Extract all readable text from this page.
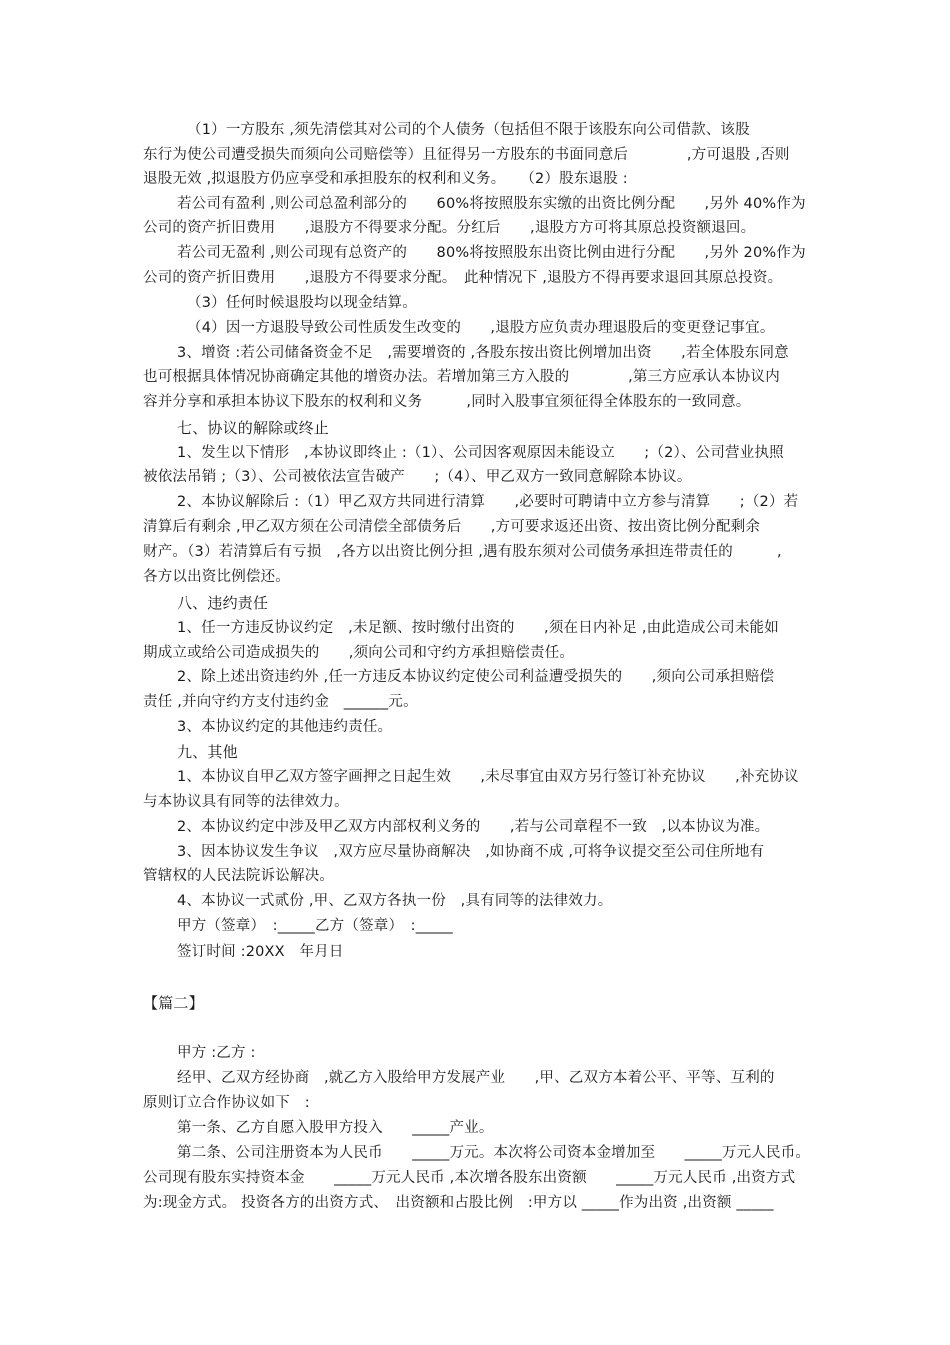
（1）一方股东 ,须先清偿其对公司的个人债务（包括但不限于该股东向公司借款、该股
东行为使公司遭受损失而须向公司赔偿等）且征得另一方股东的书面同意后　　　　,方可退股 ,否则
退股无效 ,拟退股方仍应享受和承担股东的权利和义务。　　（2）股东退股 :
若公司有盈利 ,则公司总盈利部分的　　60%将按照股东实缴的出资比例分配　　,另外 40%作为
公司的资产折旧费用　　,退股方不得要求分配。分红后　　,退股方方可将其原总投资额退回。
若公司无盈利 ,则公司现有总资产的　　80%将按照股东出资比例由进行分配　　,另外 20%作为
公司的资产折旧费用　　,退股方不得要求分配。　此种情况下 ,退股方不得再要求退回其原总投资。
（3）任何时候退股均以现金结算。
（4）因一方退股导致公司性质发生改变的　　,退股方应负责办理退股后的变更登记事宜。
3、增资 :若公司储备资金不足　,需要增资的 ,各股东按出资比例增加出资　　,若全体股东同意
也可根据具体情况协商确定其他的增资办法。若增加第三方入股的　　　　,第三方应承认本协议内
容并分享和承担本协议下股东的权利和义务　　　,同时入股事宜须征得全体股东的一致同意。
七、协议的解除或终止
1、发生以下情形　,本协议即终止 :（1）、公司因客观原因未能设立　　;（2）、公司营业执照
被依法吊销 ;（3）、公司被依法宣告破产　　;（4）、甲乙双方一致同意解除本协议。
2、本协议解除后 :（1）甲乙双方共同进行清算　　,必要时可聘请中立方参与清算　　;（2）若
清算后有剩余 ,甲乙双方须在公司清偿全部债务后　　,方可要求返还出资、按出资比例分配剩余
财产。（3）若清算后有亏损　,各方以出资比例分担 ,遇有股东须对公司债务承担连带责任的　　　,
各方以出资比例偿还。
八、违约责任
1、任一方违反协议约定　,未足额、按时缴付出资的　　,须在日内补足 ,由此造成公司未能如
期成立或给公司造成损失的　　,须向公司和守约方承担赔偿责任。
2、除上述出资违约外 ,任一方违反本协议约定使公司利益遭受损失的　　,须向公司承担赔偿
责任 ,并向守约方支付违约金　______元。
3、本协议约定的其他违约责任。
九、其他
1、本协议自甲乙双方签字画押之日起生效　　,未尽事宜由双方另行签订补充协议　　,补充协议
与本协议具有同等的法律效力。
2、本协议约定中涉及甲乙双方内部权利义务的　　,若与公司章程不一致　,以本协议为准。
3、因本协议发生争议　,双方应尽量协商解决　,如协商不成 ,可将争议提交至公司住所地有
管辖权的人民法院诉讼解决。
4、本协议一式贰份 ,甲、乙双方各执一份　,具有同等的法律效力。
甲方（签章）　:_____乙方（签章）　:_____
签订时间 :20XX　年月日
【篇二】
甲方 :乙方 :
经甲、乙双方经协商　,就乙方入股给甲方发展产业　　,甲、乙双方本着公平、平等、互利的
原则订立合作协议如下　:
第一条、乙方自愿入股甲方投入　　_____产业。
第二条、公司注册资本为人民币　　_____万元。本次将公司资本金增加至　　_____万元人民币。
公司现有股东实持资本金　　_____万元人民币 ,本次增各股东出资额　　_____万元人民币 ,出资方式
为:现金方式。 投资各方的出资方式、　出资额和占股比例　:甲方以 _____作为出资 ,出资额 _____
